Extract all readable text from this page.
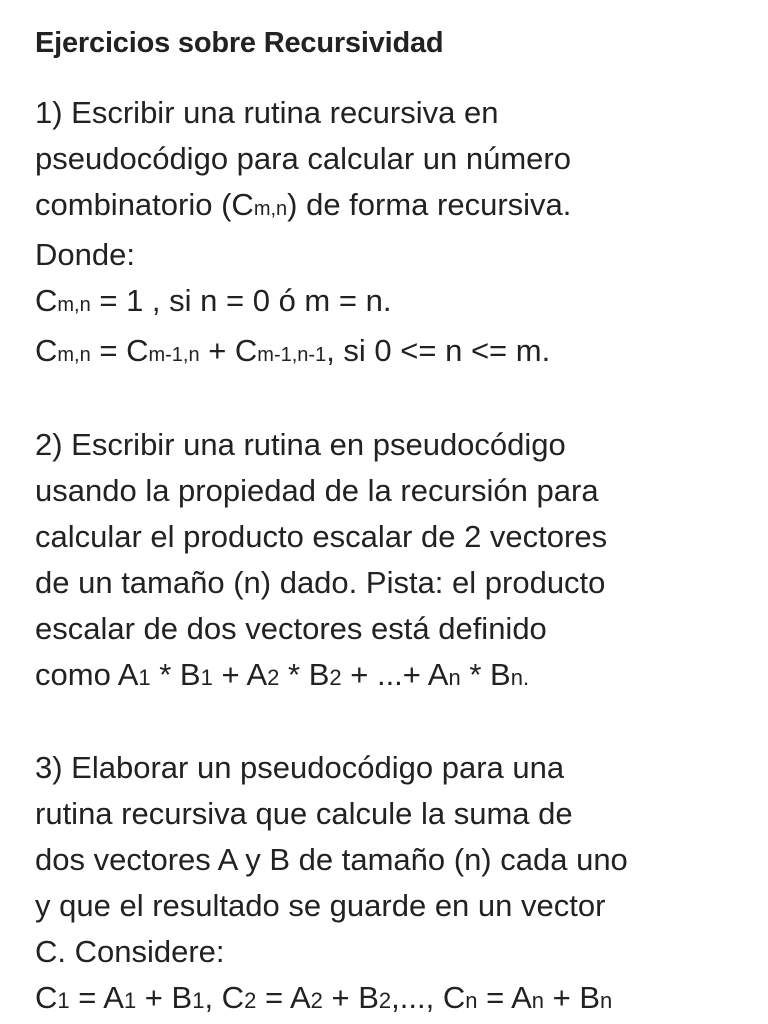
Ejercicios sobre Recursividad
1) Escribir una rutina recursiva en
pseudocódigo para calcular un número
combinatorio (Cm,n) de forma recursiva.
Donde:
Cm,n = 1 , si n = 0 ó m = n.
Cm,n = Cm-1,n + Cm-1,n-1, si 0 <= n <= m.
2) Escribir una rutina en pseudocódigo
usando la propiedad de la recursión para
calcular el producto escalar de 2 vectores
de un tamaño (n) dado. Pista: el producto
escalar de dos vectores está definido
como A1 * B1 + A2 * B2 + ...+ An * Bn.
3) Elaborar un pseudocódigo para una
rutina recursiva que calcule la suma de
dos vectores A y B de tamaño (n) cada uno
y que el resultado se guarde en un vector
C. Considere:
C1 = A1 + B1, C2 = A2 + B2,..., Cn = An + Bn
